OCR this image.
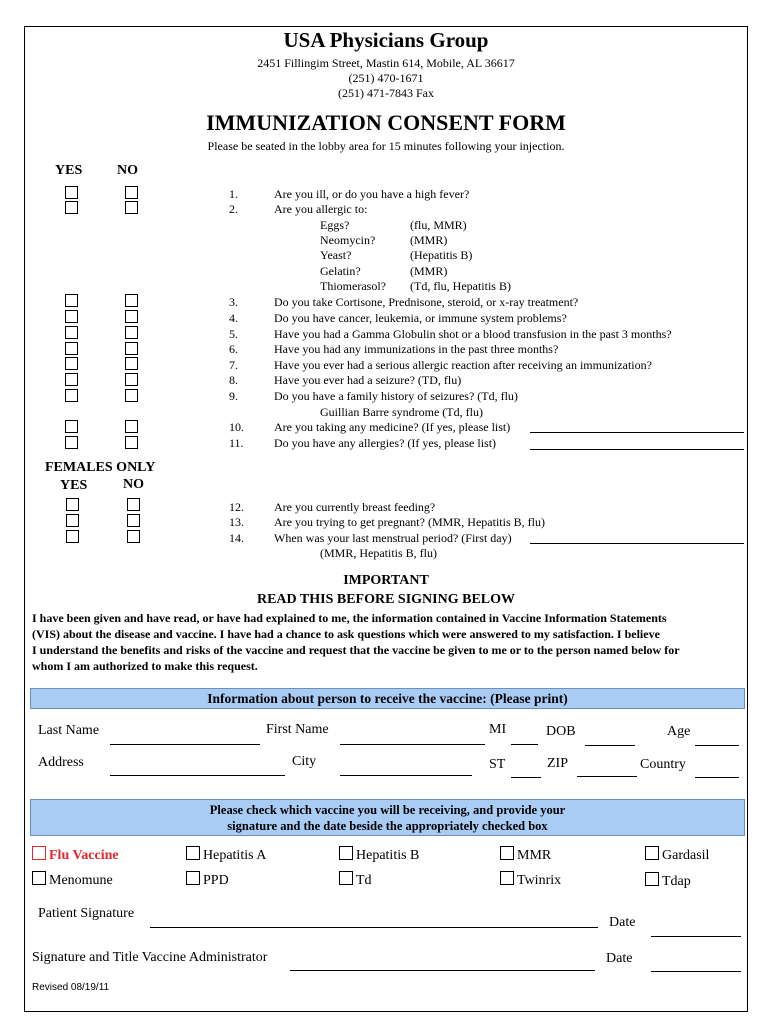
USA Physicians Group
2451 Fillingim Street, Mastin 614, Mobile, AL 36617
(251) 470-1671
(251) 471-7843 Fax
IMMUNIZATION CONSENT FORM
Please be seated in the lobby area for 15 minutes following your injection.
YES NO
1.	Are you ill, or do you have a high fever?
2.	Are you allergic to:
Eggs?	(flu, MMR)
Neomycin?	(MMR)
Yeast?	(Hepatitis B)
Gelatin?	(MMR)
Thiomerasol? (Td, flu, Hepatitis B)
3.	Do you take Cortisone, Prednisone, steroid, or x-ray treatment?
4.	Do you have cancer, leukemia, or immune system problems?
5.	Have you had a Gamma Globulin shot or a blood transfusion in the past 3 months?
6.	Have you had any immunizations in the past three months?
7.	Have you ever had a serious allergic reaction after receiving an immunization?
8.	Have you ever had a seizure? (TD, flu)
9.	Do you have a family history of seizures? (Td, flu)
Guillian Barre syndrome (Td, flu)
10.	Are you taking any medicine? (If yes, please list)
11.	Do you have any allergies? (If yes, please list)
FEMALES ONLY
YES	NO
12.	Are you currently breast feeding?
13.	Are you trying to get pregnant? (MMR, Hepatitis B, flu)
14.	When was your last menstrual period? (First day)
(MMR, Hepatitis B, flu)
IMPORTANT
READ THIS BEFORE SIGNING BELOW
I have been given and have read, or have had explained to me, the information contained in Vaccine Information Statements
(VIS) about the disease and vaccine. I have had a chance to ask questions which were answered to my satisfaction. I believe
I understand the benefits and risks of the vaccine and request that the vaccine be given to me or to the person named below for
whom I am authorized to make this request.
Information about person to receive the vaccine: (Please print)
Last Name	First Name	MI	DOB	Age
Address	City	ST	ZIP	Country
Please check which vaccine you will be receiving, and provide your
signature and the date beside the appropriately checked box
Flu Vaccine	Hepatitis A	Hepatitis B	MMR	Gardasil
Menomune	PPD	Td	Twinrix	Tdap
Patient Signature
Date
Signature and Title Vaccine Administrator	Date
Revised 08/19/11
